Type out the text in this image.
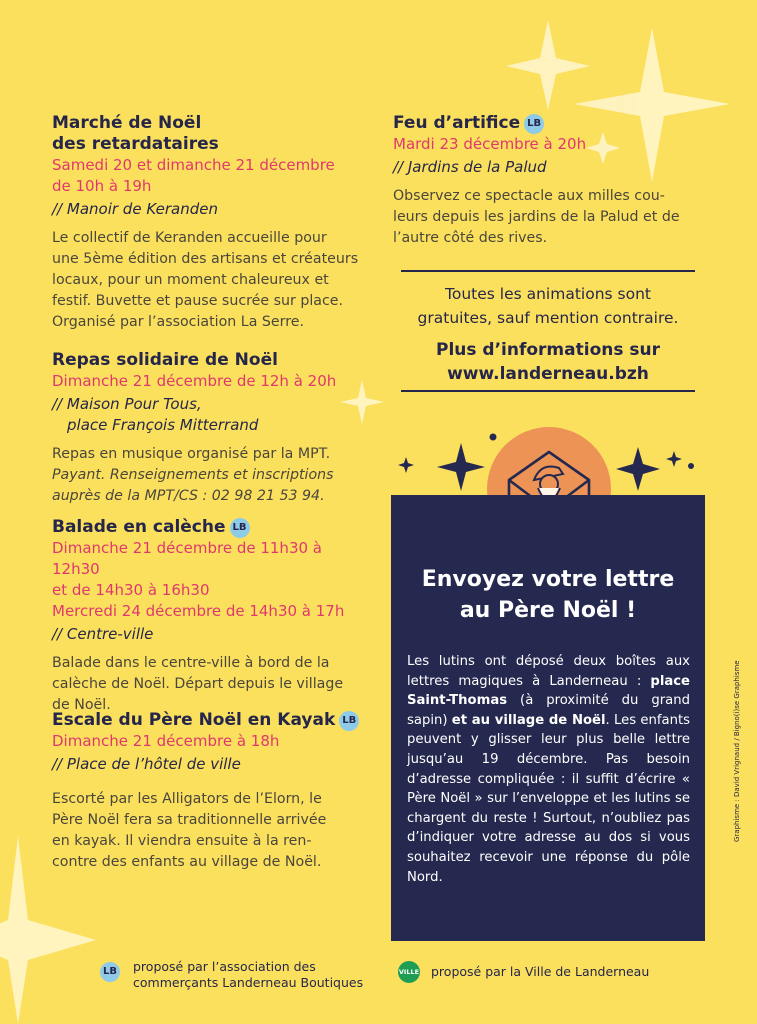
Marché de Noël
des retardataires
Samedi 20 et dimanche 21 décembre
de 10h à 19h
// Manoir de Keranden
Le collectif de Keranden accueille pour
une 5ème édition des artisans et créateurs
locaux, pour un moment chaleureux et
festif. Buvette et pause sucrée sur place.
Organisé par l’association La Serre.
Repas solidaire de Noël
Dimanche 21 décembre de 12h à 20h
// Maison Pour Tous,
place François Mitterrand
Repas en musique organisé par la MPT.
Payant. Renseignements et inscriptions
auprès de la MPT/CS : 02 98 21 53 94.
Balade en calèche LB
Dimanche 21 décembre de 11h30 à 12h30
et de 14h30 à 16h30
Mercredi 24 décembre de 14h30 à 17h
// Centre-ville
Balade dans le centre-ville à bord de la
calèche de Noël. Départ depuis le village
de Noël.
Escale du Père Noël en Kayak LB
Dimanche 21 décembre à 18h
// Place de l’hôtel de ville
Escorté par les Alligators de l’Elorn, le
Père Noël fera sa traditionnelle arrivée
en kayak. Il viendra ensuite à la ren-
contre des enfants au village de Noël.
Feu d’artifice LB
Mardi 23 décembre à 20h
// Jardins de la Palud
Observez ce spectacle aux milles cou-
leurs depuis les jardins de la Palud et de
l’autre côté des rives.
Toutes les animations sont
gratuites, sauf mention contraire.
Plus d’informations sur
www.landerneau.bzh
Envoyez votre lettre
au Père Noël !
Les lutins ont déposé deux boîtes aux lettres magiques à Landerneau : place Saint-Thomas (à proximité du grand sapin) et au village de Noël. Les enfants peuvent y glisser leur plus belle lettre jusqu’au 19 décembre. Pas besoin d’adresse compliquée : il suffit d’écrire « Père Noël » sur l’enveloppe et les lutins se chargent du reste ! Surtout, n’oubliez pas d’indiquer votre adresse au dos si vous souhaitez recevoir une réponse du pôle Nord.
Graphisme : David Vrignaud / Bigno(i)se Graphisme
LB proposé par l’association des
commerçants Landerneau Boutiques
VILLE proposé par la Ville de Landerneau
